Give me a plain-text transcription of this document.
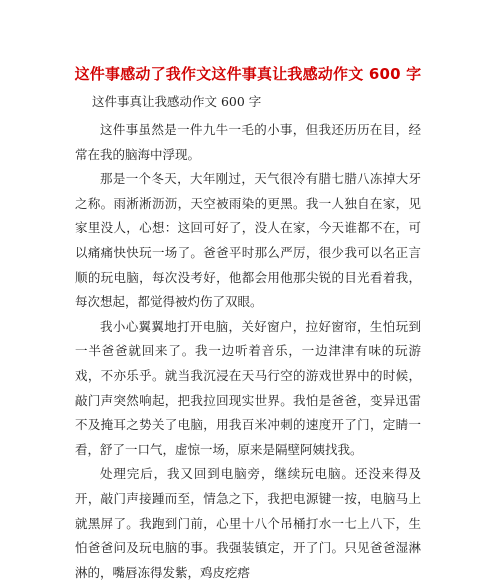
这件事感动了我作文这件事真让我感动作文 600 字
这件事真让我感动作文 600 字

这件事虽然是一件九牛一毛的小事，但我还历历在目，经常在我的脑海中浮现。

那是一个冬天，大年刚过，天气很冷有腊七腊八冻掉大牙之称。雨淅淅沥沥，天空被雨染的更黑。我一人独自在家，见家里没人，心想：这回可好了，没人在家，今天谁都不在，可以痛痛快快玩一场了。爸爸平时那么严厉，很少我可以名正言顺的玩电脑，每次没考好，他都会用他那尖锐的目光看着我，每次想起，都觉得被灼伤了双眼。

我小心翼翼地打开电脑，关好窗户，拉好窗帘，生怕玩到一半爸爸就回来了。我一边听着音乐，一边津津有味的玩游戏，不亦乐乎。就当我沉浸在天马行空的游戏世界中的时候，敲门声突然响起，把我拉回现实世界。我怕是爸爸，变异迅雷不及掩耳之势关了电脑，用我百米冲刺的速度开了门，定睛一看，舒了一口气，虚惊一场，原来是隔壁阿姨找我。

处理完后，我又回到电脑旁，继续玩电脑。还没来得及开，敲门声接踵而至，情急之下，我把电源键一按，电脑马上就黑屏了。我跑到门前，心里十八个吊桶打水一七上八下，生怕爸爸问及玩电脑的事。我强装镇定，开了门。只见爸爸湿淋淋的，嘴唇冻得发紫，鸡皮疙瘩
